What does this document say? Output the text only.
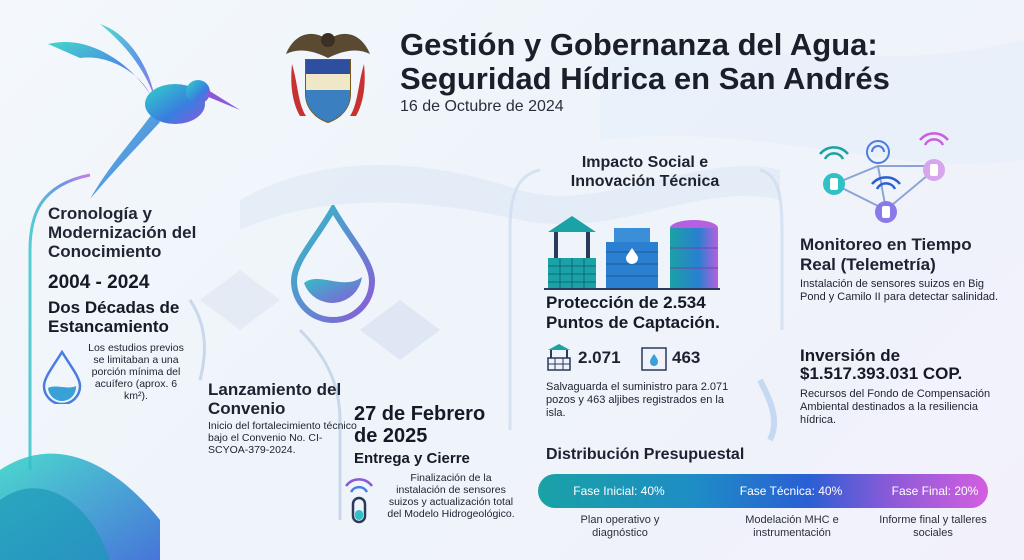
Gestión y Gobernanza del Agua:
Seguridad Hídrica en San Andrés
16 de Octubre de 2024
Cronología y Modernización del Conocimiento
2004 - 2024
Dos Décadas de Estancamiento
Los estudios previos se limitaban a una porción mínima del acuífero (aprox. 6 km²).	Lanzamiento del Convenio
Inicio del fortalecimiento técnico bajo el Convenio No. CI-SCYOA-379-2024.
27 de Febrero de 2025
Entrega y Cierre
Finalización de la instalación de sensores suizos y actualización total del Modelo Hidrogeológico.
Impacto Social e Innovación Técnica
Protección de 2.534 Puntos de Captación.
2.071	463
Salvaguarda el suministro para 2.071 pozos y 463 aljibes registrados en la isla.
Monitoreo en Tiempo Real (Telemetría)
Instalación de sensores suizos en Big Pond y Camilo II para detectar salinidad.
Inversión de
$1.517.393.031 COP.
Recursos del Fondo de Compensación Ambiental destinados a la resiliencia hídrica.
Distribución Presupuestal
Fase Inicial: 40%	Fase Técnica: 40%	Fase Final: 20%
Plan operativo y diagnóstico
Modelación MHC e instrumentación
Informe final y talleres sociales
